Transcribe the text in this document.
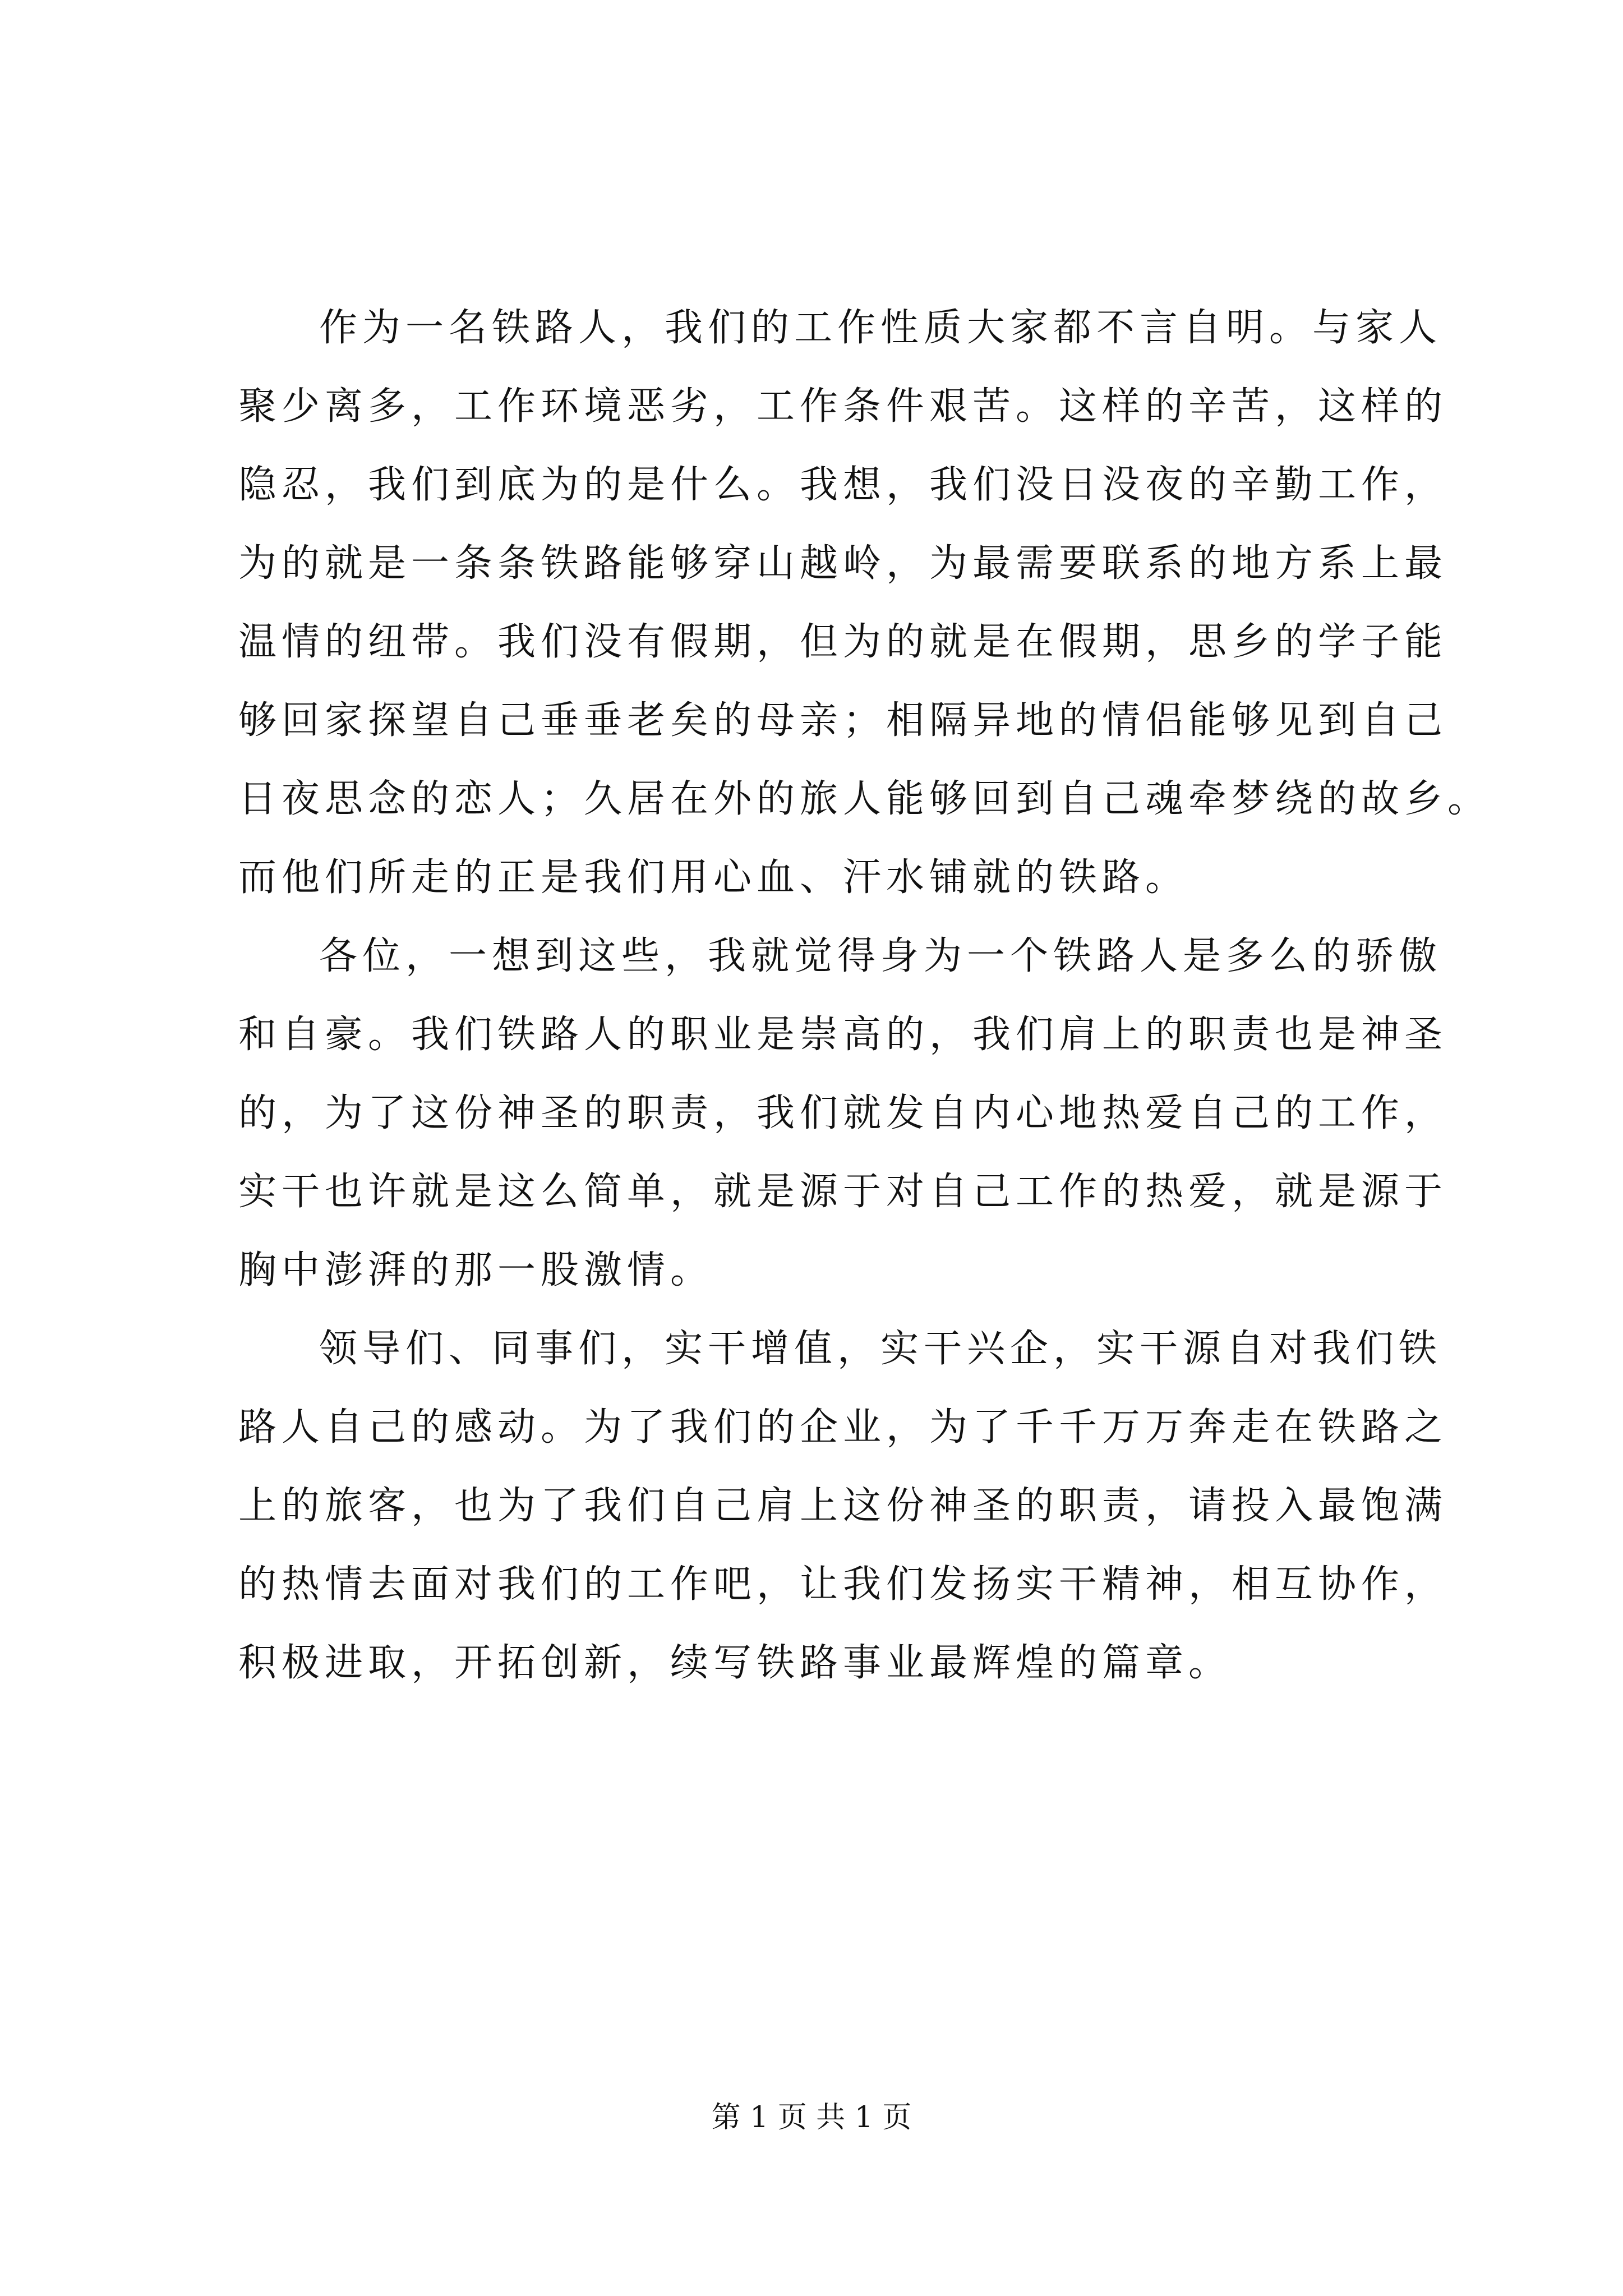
作为一名铁路人，我们的工作性质大家都不言自明。与家人
聚少离多，工作环境恶劣，工作条件艰苦。这样的辛苦，这样的
隐忍，我们到底为的是什么。我想，我们没日没夜的辛勤工作，
为的就是一条条铁路能够穿山越岭，为最需要联系的地方系上最
温情的纽带。我们没有假期，但为的就是在假期，思乡的学子能
够回家探望自己垂垂老矣的母亲；相隔异地的情侣能够见到自己
日夜思念的恋人；久居在外的旅人能够回到自己魂牵梦绕的故乡。
而他们所走的正是我们用心血、汗水铺就的铁路。
各位，一想到这些，我就觉得身为一个铁路人是多么的骄傲
和自豪。我们铁路人的职业是崇高的，我们肩上的职责也是神圣
的，为了这份神圣的职责，我们就发自内心地热爱自己的工作，
实干也许就是这么简单，就是源于对自己工作的热爱，就是源于
胸中澎湃的那一股激情。
领导们、同事们，实干增值，实干兴企，实干源自对我们铁
路人自己的感动。为了我们的企业，为了千千万万奔走在铁路之
上的旅客，也为了我们自己肩上这份神圣的职责，请投入最饱满
的热情去面对我们的工作吧，让我们发扬实干精神，相互协作，
积极进取，开拓创新，续写铁路事业最辉煌的篇章。
第 1 页 共 1 页
